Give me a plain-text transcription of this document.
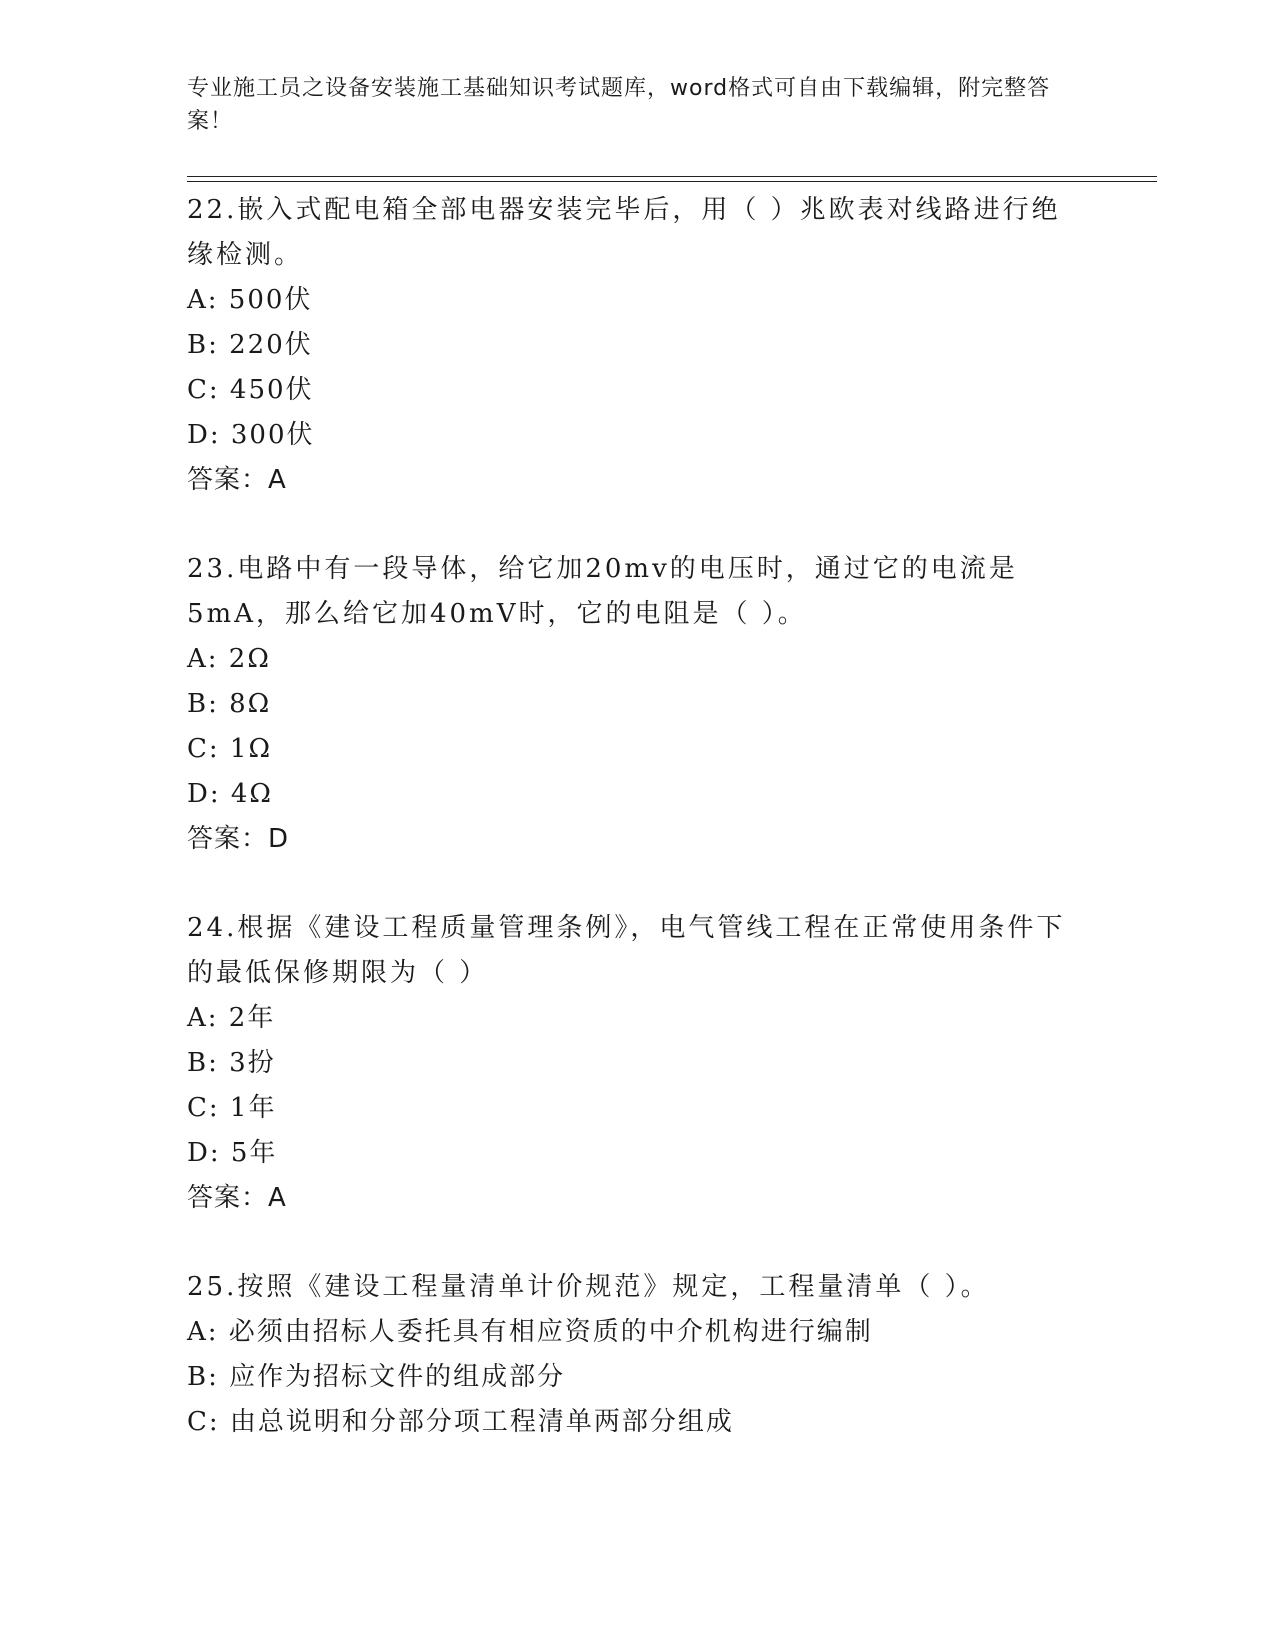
专业施工员之设备安装施工基础知识考试题库，word格式可自由下载编辑，附完整答案！

22.嵌入式配电箱全部电器安装完毕后，用（ ）兆欧表对线路进行绝缘检测。

A: 500伏

B: 220伏

C: 450伏

D: 300伏

答案：A

23.电路中有一段导体，给它加20mv的电压时，通过它的电流是5mA，那么给它加40mV时，它的电阻是（ ）。

A: 2Ω

B: 8Ω

C: 1Ω

D: 4Ω

答案：D

24.根据《建设工程质量管理条例》，电气管线工程在正常使用条件下的最低保修期限为（ ）

A: 2年

B: 3扮

C: 1年

D: 5年

答案：A

25.按照《建设工程量清单计价规范》规定，工程量清单（ ）。

A: 必须由招标人委托具有相应资质的中介机构进行编制

B: 应作为招标文件的组成部分

C: 由总说明和分部分项工程清单两部分组成
